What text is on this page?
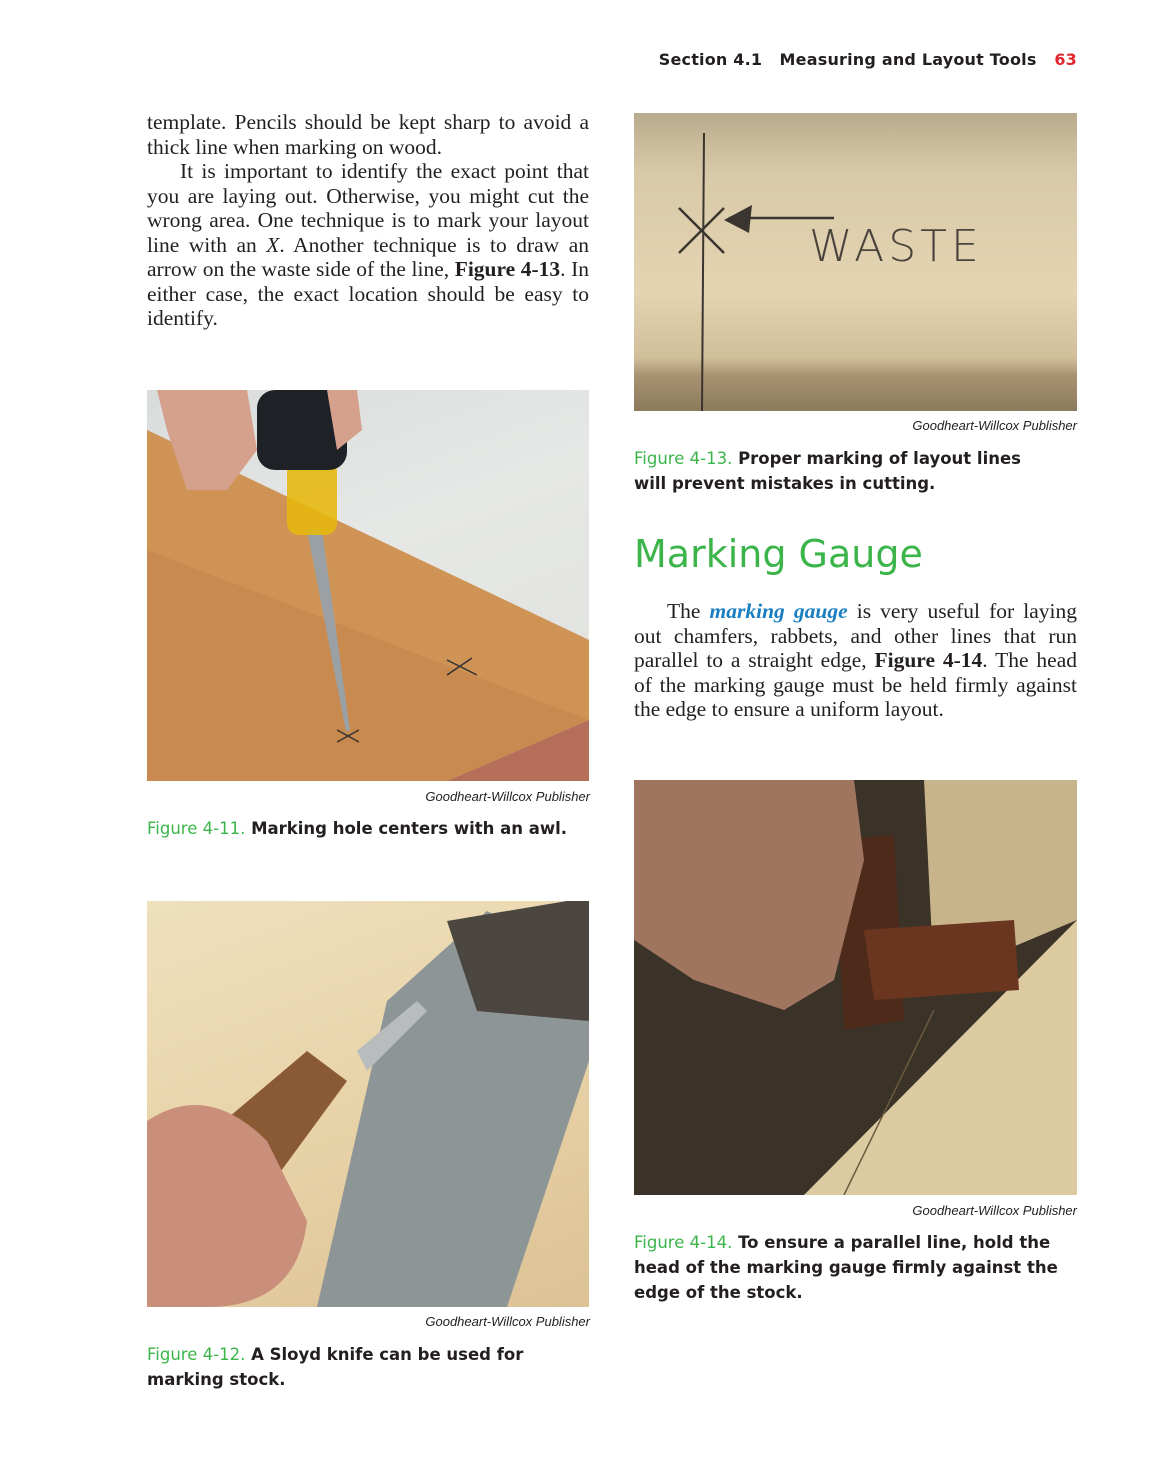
Section 4.1 Measuring and Layout Tools 63

template. Pencils should be kept sharp to avoid a thick line when marking on wood.

It is important to identify the exact point that you are laying out. Otherwise, you might cut the wrong area. One technique is to mark your layout line with an X. Another technique is to draw an arrow on the waste side of the line, Figure 4-13. In either case, the exact location should be easy to identify.

WASTE
Goodheart-Willcox Publisher
Figure 4-13. Proper marking of layout lines will prevent mistakes in cutting.
Marking Gauge

The marking gauge is very useful for laying out chamfers, rabbets, and other lines that run parallel to a straight edge, Figure 4-14. The head of the marking gauge must be held firmly against the edge to ensure a uniform layout.

Goodheart-Willcox Publisher
Figure 4-11. Marking hole centers with an awl.
Goodheart-Willcox Publisher
Figure 4-12. A Sloyd knife can be used for marking stock.
Goodheart-Willcox Publisher
Figure 4-14. To ensure a parallel line, hold the head of the marking gauge firmly against the edge of the stock.
